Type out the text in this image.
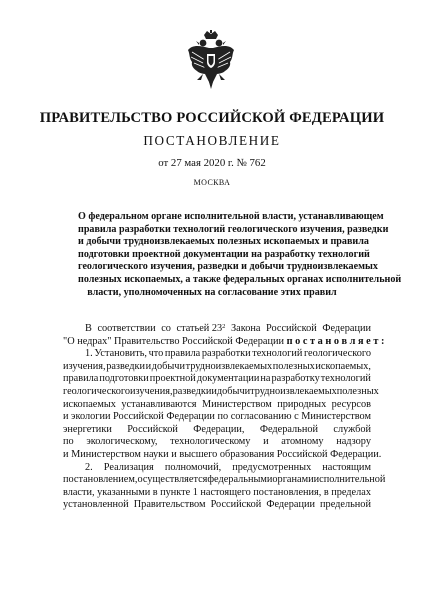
ПРАВИТЕЛЬСТВО РОССИЙСКОЙ ФЕДЕРАЦИИ
ПОСТАНОВЛЕНИЕ
от 27 мая 2020 г. № 762
МОСКВА
О федеральном органе исполнительной власти, устанавливающем
правила разработки технологий геологического изучения, разведки
и добычи трудноизвлекаемых полезных ископаемых и правила
подготовки проектной документации на разработку технологий
геологического изучения, разведки и добычи трудноизвлекаемых
полезных ископаемых, а также федеральных органах исполнительной
власти, уполномоченных на согласование этих правил
В соответствии со статьей $23^2$ Закона Российской Федерации
"О недрах" Правительство Российской Федерации п о с т а н о в л я е т :
1. Установить, что правила разработки технологий геологического
изучения, разведки и добычи трудноизвлекаемых полезных ископаемых,
правила подготовки проектной документации на разработку технологий
геологического изучения, разведки и добычи трудноизвлекаемых полезных
ископаемых устанавливаются Министерством природных ресурсов
и экологии Российской Федерации по согласованию с Министерством
энергетики Российской Федерации, Федеральной службой
по экологическому, технологическому и атомному надзору
и Министерством науки и высшего образования Российской Федерации.
2. Реализация полномочий, предусмотренных настоящим
постановлением, осуществляется федеральными органами исполнительной
власти, указанными в пункте 1 настоящего постановления, в пределах
установленной Правительством Российской Федерации предельной
